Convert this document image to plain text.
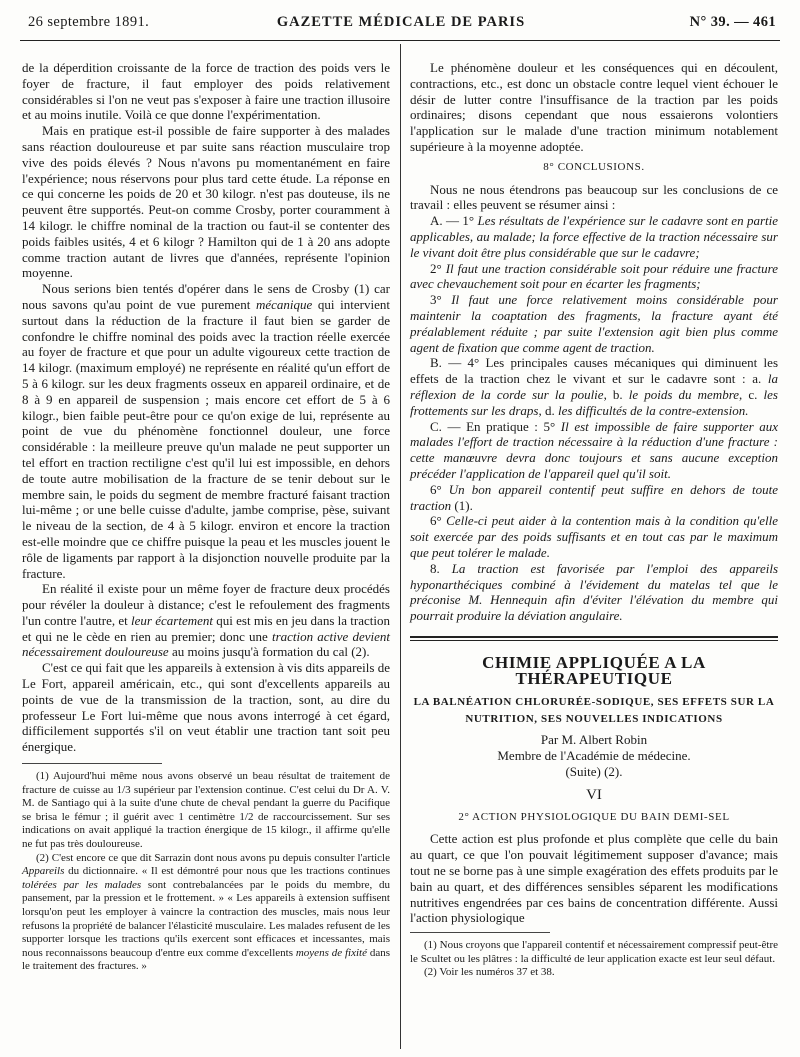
26 septembre 1891.	GAZETTE MÉDICALE DE PARIS	N° 39. — 461

de la déperdition croissante de la force de traction des poids vers le foyer de fracture, il faut employer des poids relativement considérables si l'on ne veut pas s'exposer à faire une traction illusoire et au moins inutile. Voilà ce que donne l'expérimentation.

Mais en pratique est-il possible de faire supporter à des malades sans réaction douloureuse et par suite sans réaction musculaire trop vive des poids élevés ? Nous n'avons pu momentanément en faire l'expérience; nous réservons pour plus tard cette étude. La réponse en ce qui concerne les poids de 20 et 30 kilogr. n'est pas douteuse, ils ne peuvent être supportés. Peut-on comme Crosby, porter couramment à 14 kilogr. le chiffre nominal de la traction ou faut-il se contenter des poids faibles usités, 4 et 6 kilogr ? Hamilton qui de 1 à 20 ans adopte comme traction autant de livres que d'années, représente l'opinion moyenne.

Nous serions bien tentés d'opérer dans le sens de Crosby (1) car nous savons qu'au point de vue purement mécanique qui intervient surtout dans la réduction de la fracture il faut bien se garder de confondre le chiffre nominal des poids avec la traction réelle exercée au foyer de fracture et que pour un adulte vigoureux cette traction de 14 kilogr. (maximum employé) ne représente en réalité qu'un effort de 5 à 6 kilogr. sur les deux fragments osseux en appareil ordinaire, et de 8 à 9 en appareil de suspension ; mais encore cet effort de 5 à 6 kilogr., bien faible peut-être pour ce qu'on exige de lui, représente au point de vue du phénomène fonctionnel douleur, une force considérable : la meilleure preuve qu'un malade ne peut supporter un tel effort en traction rectiligne c'est qu'il lui est impossible, en dehors de toute autre mobilisation de la fracture de se tenir debout sur le membre sain, le poids du segment de membre fracturé faisant traction lui-même ; or une belle cuisse d'adulte, jambe comprise, pèse, suivant le niveau de la section, de 4 à 5 kilogr. environ et encore la traction est-elle moindre que ce chiffre puisque la peau et les muscles jouent le rôle de ligaments par rapport à la disjonction nouvelle produite par la fracture.

En réalité il existe pour un même foyer de fracture deux procédés pour révéler la douleur à distance; c'est le refoulement des fragments l'un contre l'autre, et leur écartement qui est mis en jeu dans la traction et qui ne le cède en rien au premier; donc une traction active devient nécessairement douloureuse au moins jusqu'à formation du cal (2).

C'est ce qui fait que les appareils à extension à vis dits appareils de Le Fort, appareil américain, etc., qui sont d'excellents appareils au points de vue de la transmission de la traction, sont, au dire du professeur Le Fort lui-même que nous avons interrogé à cet égard, difficilement supportés s'il on veut établir une traction tant soit peu énergique.

(1) Aujourd'hui même nous avons observé un beau résultat de traitement de fracture de cuisse au 1/3 supérieur par l'extension continue. C'est celui du Dr A. V. M. de Santiago qui à la suite d'une chute de cheval pendant la guerre du Pacifique se brisa le fémur ; il guérit avec 1 centimètre 1/2 de raccourcissement. Sur ses indications on avait appliqué la traction énergique de 15 kilogr., il affirme qu'elle ne fut pas très douloureuse.

(2) C'est encore ce que dit Sarrazin dont nous avons pu depuis consulter l'article Appareils du dictionnaire. « Il est démontré pour nous que les tractions continues tolérées par les malades sont contrebalancées par le poids du membre, du pansement, par la pression et le frottement. » « Les appareils à extension suffisent lorsqu'on peut les employer à vaincre la contraction des muscles, mais nous leur refusons la propriété de balancer l'élasticité musculaire. Les malades refusent de les supporter lorsque les tractions qu'ils exercent sont efficaces et incessantes, mais nous reconnaissons beaucoup d'entre eux comme d'excellents moyens de fixité dans le traitement des fractures. »

Le phénomène douleur et les conséquences qui en découlent, contractions, etc., est donc un obstacle contre lequel vient échouer le désir de lutter contre l'insuffisance de la traction par les poids ordinaires; disons cependant que nous essaierons volontiers l'application sur le malade d'une traction minimum notablement supérieure à la moyenne adoptée.

8° CONCLUSIONS.

Nous ne nous étendrons pas beaucoup sur les conclusions de ce travail : elles peuvent se résumer ainsi :

A. — 1° Les résultats de l'expérience sur le cadavre sont en partie applicables, au malade; la force effective de la traction nécessaire sur le vivant doit être plus considérable que sur le cadavre;

2° Il faut une traction considérable soit pour réduire une fracture avec chevauchement soit pour en écarter les fragments;

3° Il faut une force relativement moins considérable pour maintenir la coaptation des fragments, la fracture ayant été préalablement réduite ; par suite l'extension agit bien plus comme agent de fixation que comme agent de traction.

B. — 4° Les principales causes mécaniques qui diminuent les effets de la traction chez le vivant et sur le cadavre sont : a. la réflexion de la corde sur la poulie, b. le poids du membre, c. les frottements sur les draps, d. les difficultés de la contre-extension.

C. — En pratique : 5° Il est impossible de faire supporter aux malades l'effort de traction nécessaire à la réduction d'une fracture : cette manœuvre devra donc toujours et sans aucune exception précéder l'application de l'appareil quel qu'il soit.

6° Un bon appareil contentif peut suffire en dehors de toute traction (1).

6° Celle-ci peut aider à la contention mais à la condition qu'elle soit exercée par des poids suffisants et en tout cas par le maximum que peut tolérer le malade.

8. La traction est favorisée par l'emploi des appareils hyponarthéciques combiné à l'évidement du matelas tel que le préconise M. Hennequin afin d'éviter l'élévation du membre qui pourrait produire la déviation angulaire.

CHIMIE APPLIQUÉE A LA THÉRAPEUTIQUE
LA BALNÉATION CHLORURÉE-SODIQUE, SES EFFETS SUR LA NUTRITION, SES NOUVELLES INDICATIONS

Par M. Albert Robin

Membre de l'Académie de médecine.

(Suite) (2).

VI
2° ACTION PHYSIOLOGIQUE DU BAIN DEMI-SEL

Cette action est plus profonde et plus complète que celle du bain au quart, ce que l'on pouvait légitimement supposer d'avance; mais tout ne se borne pas à une simple exagération des effets produits par le bain au quart, et des différences sensibles séparent les modifications nutritives engendrées par ces bains de concentration différente. Aussi l'action physiologique

(1) Nous croyons que l'appareil contentif et nécessairement compressif peut-être le Scultet ou les plâtres : la difficulté de leur application exacte est leur seul défaut.

(2) Voir les numéros 37 et 38.
